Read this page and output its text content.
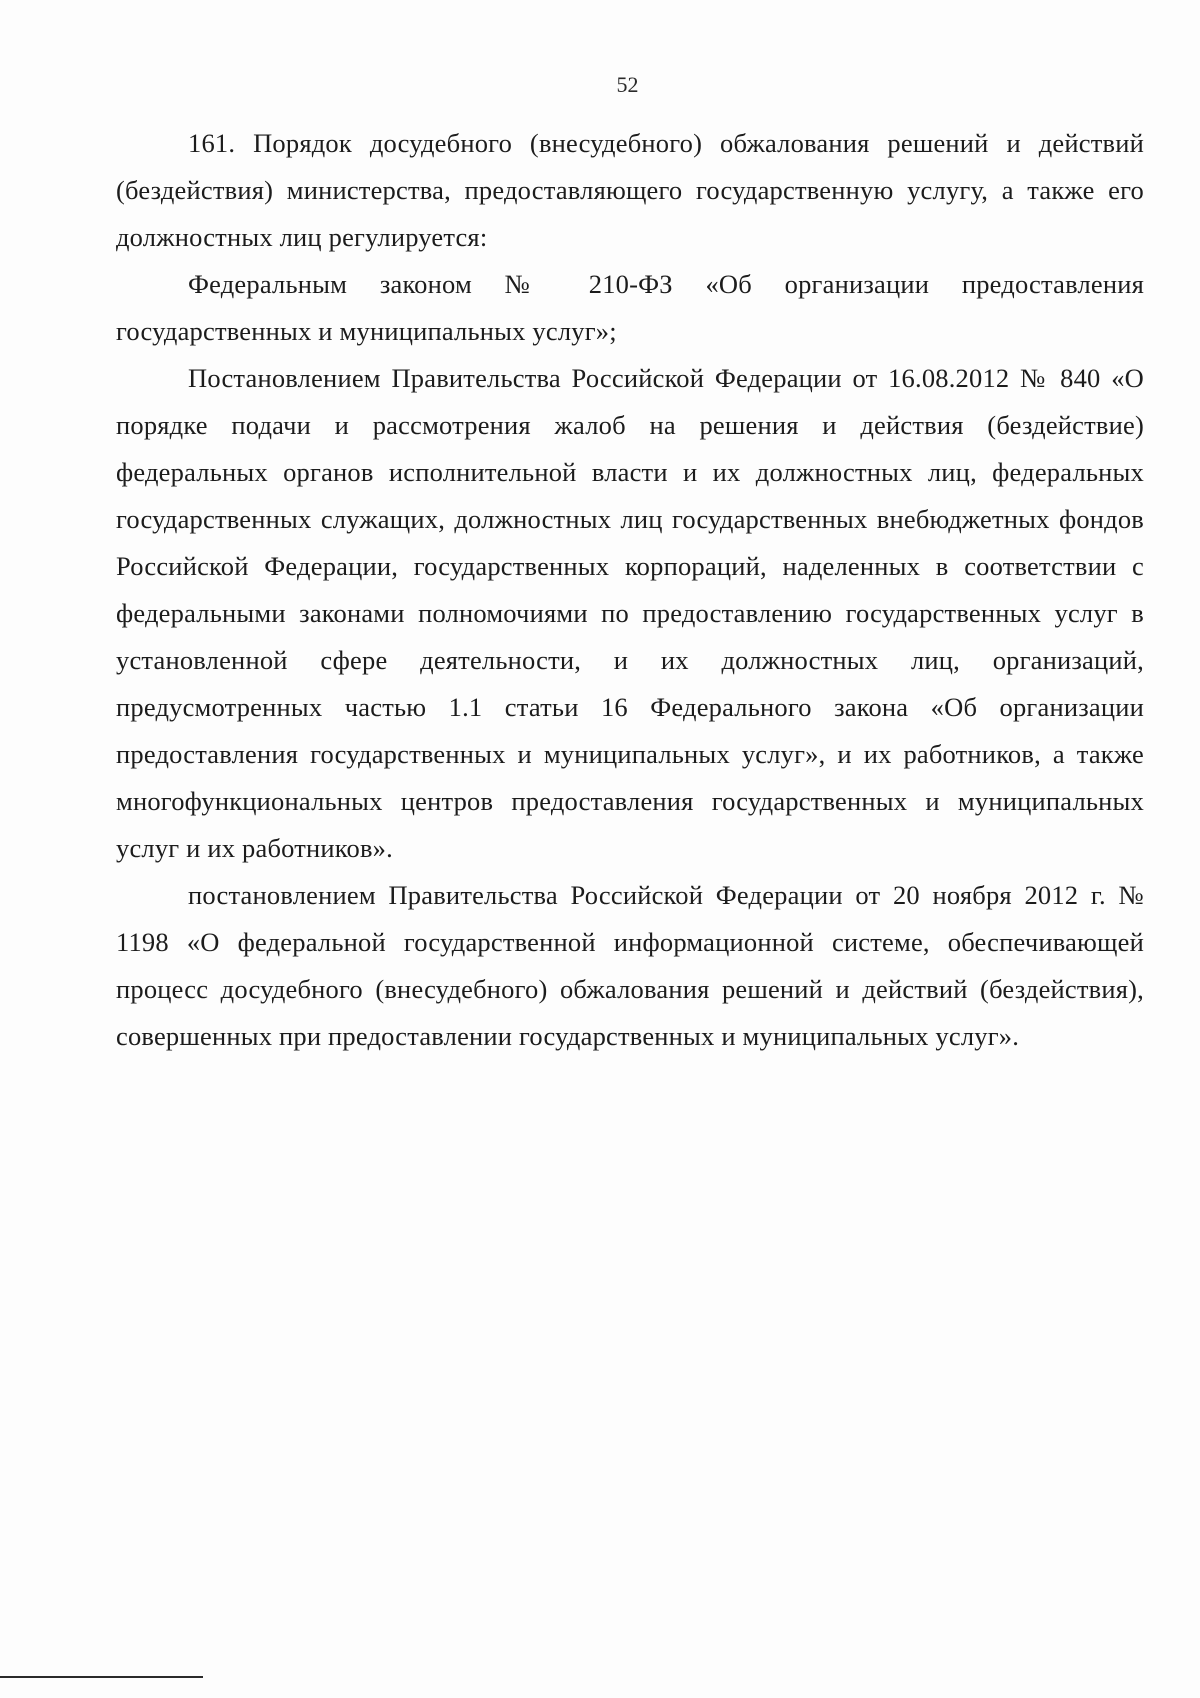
52

161. Порядок досудебного (внесудебного) обжалования решений и действий (бездействия) министерства, предоставляющего государственную услугу, а также его должностных лиц регулируется:

Федеральным законом № 210-ФЗ «Об организации предоставления государственных и муниципальных услуг»;

Постановлением Правительства Российской Федерации от 16.08.2012 № 840 «О порядке подачи и рассмотрения жалоб на решения и действия (бездействие) федеральных органов исполнительной власти и их должностных лиц, федеральных государственных служащих, должностных лиц государственных внебюджетных фондов Российской Федерации, государственных корпораций, наделенных в соответствии с федеральными законами полномочиями по предоставлению государственных услуг в установленной сфере деятельности, и их должностных лиц, организаций, предусмотренных частью 1.1 статьи 16 Федерального закона «Об организации предоставления государственных и муниципальных услуг», и их работников, а также многофункциональных центров предоставления государственных и муниципальных услуг и их работников».

постановлением Правительства Российской Федерации от 20 ноября 2012 г. № 1198 «О федеральной государственной информационной системе, обеспечивающей процесс досудебного (внесудебного) обжалования решений и действий (бездействия), совершенных при предоставлении государственных и муниципальных услуг».
